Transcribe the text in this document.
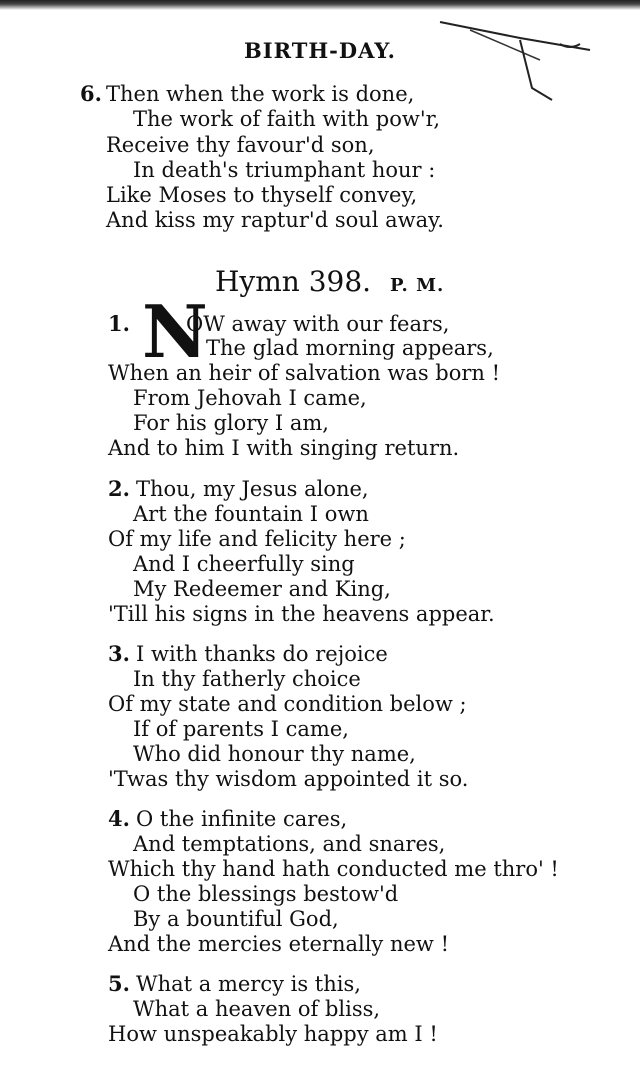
BIRTH-DAY.
6. Then when the work is done,
The work of faith with pow'r,
Receive thy favour'd son,
In death's triumphant hour :
Like Moses to thyself convey,
And kiss my raptur'd soul away.
Hymn 398. P. M.
1. N
OW away with our fears,
The glad morning appears,
When an heir of salvation was born !
From Jehovah I came,
For his glory I am,
And to him I with singing return.
2. Thou, my Jesus alone,
Art the fountain I own
Of my life and felicity here ;
And I cheerfully sing
My Redeemer and King,
'Till his signs in the heavens appear.
3. I with thanks do rejoice
In thy fatherly choice
Of my state and condition below ;
If of parents I came,
Who did honour thy name,
'Twas thy wisdom appointed it so.
4. O the infinite cares,
And temptations, and snares,
Which thy hand hath conducted me thro' !
O the blessings bestow'd
By a bountiful God,
And the mercies eternally new !
5. What a mercy is this,
What a heaven of bliss,
How unspeakably happy am I !
